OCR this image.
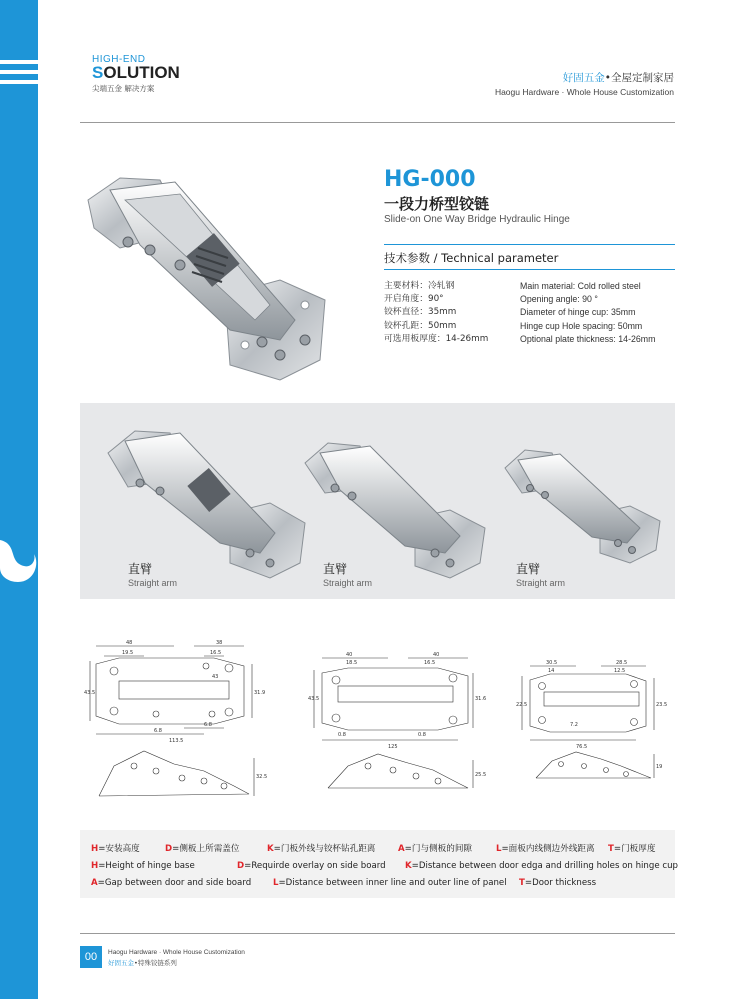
HIGH-END
SOLUTION
尖端五金 解决方案
好固五金•全屋定制家居
Haogu Hardware · Whole House Customization
HG-000
一段力桥型铰链
Slide-on One Way Bridge Hydraulic Hinge
技术参数 / Technical parameter
主要材料：冷轧钢
开启角度：90°
铰杯直径：35mm
铰杯孔距：50mm
可选用板厚度：14-26mm
Main material: Cold rolled steel
Opening angle: 90 °
Diameter of hinge cup: 35mm
Hinge cup Hole spacing: 50mm
Optional plate thickness: 14-26mm
直臂
Straight arm
直臂
Straight arm
直臂
Straight arm
48
19.5
38
16.5
43
43.5	31.9
113.5
6.8
6.8
32.5
40
18.5
40
16.5
43.5	31.6
0.8	0.8
125
25.5
30.5
14
28.5
12.5
22.5	23.5
7.2
76.5
19
H=安装高度	D=侧板上所需盖位	K=门板外线与铰杯钻孔距离	A=门与侧板的间隙	L=面板内线侧边外线距离 T=门板厚度
H=Height of hinge base	D=Requirde overlay on side board K=Distance between door edga and drilling holes on hinge cup
A=Gap between door and side board	L=Distance between inner line and outer line of panel T=Door thickness
00	Haogu Hardware · Whole House Customization
好固五金•特殊铰链系列
